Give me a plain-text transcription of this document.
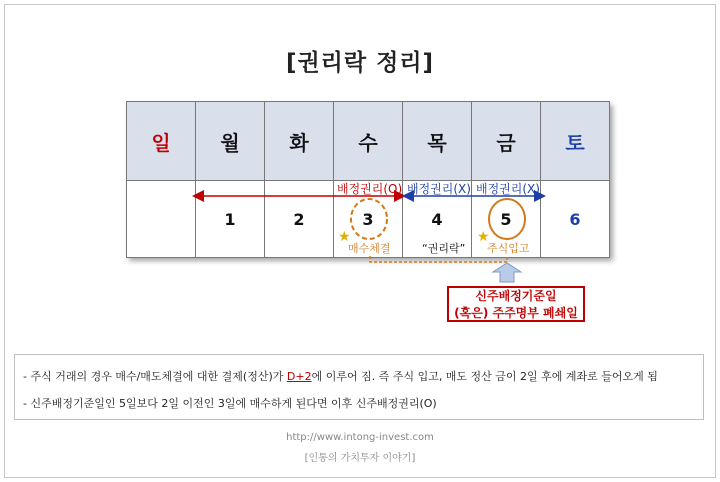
[권리락 정리]
일	월	화	수	목	금	토
	1	2	3	4	5	6
배정권리(O) 배정권리(X) 배정권리(X)
★
매수체결	“권리락”
★
주식입고
신주배정기준일
(혹은) 주주명부 폐쇄일
- 주식 거래의 경우 매수/매도체결에 대한 결제(정산)가 D+2에 이루어 짐. 즉 주식 입고, 매도 정산 금이 2일 후에 계좌로 들어오게 됨
- 신주배정기준일인 5일보다 2일 이전인 3일에 매수하게 된다면 이후 신주배정권리(O)
http://www.intong-invest.com
[인통의 가치투자 이야기]
